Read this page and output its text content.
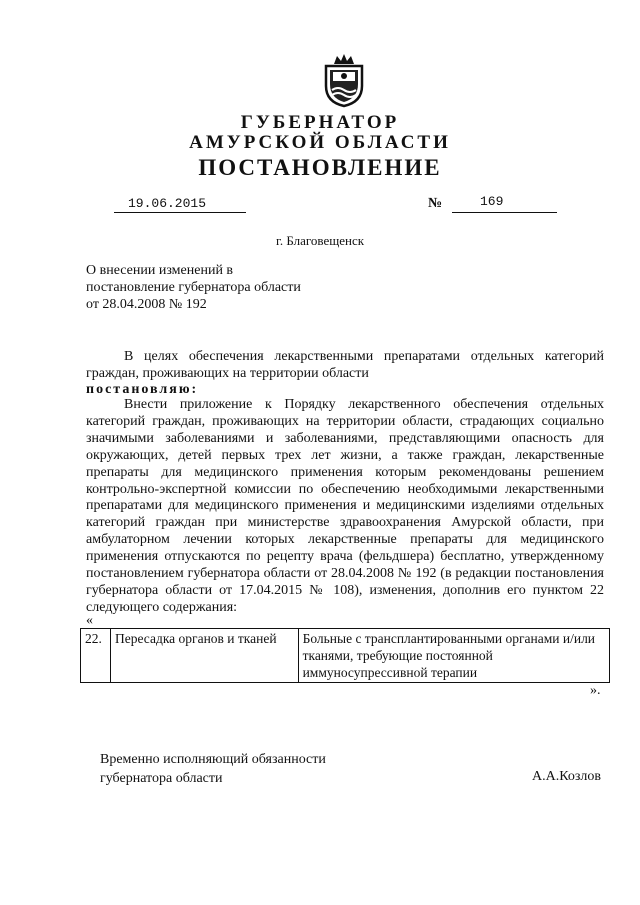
ГУБЕРНАТОР
АМУРСКОЙ ОБЛАСТИ
ПОСТАНОВЛЕНИЕ
19.06.2015	№	169
г. Благовещенск
О внесении изменений в постановление губернатора области от 28.04.2008 № 192
В целях обеспечения лекарственными препаратами отдельных категорий граждан, проживающих на территории области
постановляю:
Внести приложение к Порядку лекарственного обеспечения отдельных категорий граждан, проживающих на территории области, страдающих социально значимыми заболеваниями и заболеваниями, представляющими опасность для окружающих, детей первых трех лет жизни, а также граждан, лекарственные препараты для медицинского применения которым рекомендованы решением контрольно-экспертной комиссии по обеспечению необходимыми лекарственными препаратами для медицинского применения и медицинскими изделиями отдельных категорий граждан при министерстве здравоохранения Амурской области, при амбулаторном лечении которых лекарственные препараты для медицинского применения отпускаются по рецепту врача (фельдшера) бесплатно, утвержденному постановлением губернатора области от 28.04.2008 № 192 (в редакции постановления губернатора области от 17.04.2015 № 108), изменения, дополнив его пунктом 22 следующего содержания:
«
22.	Пересадка органов и тканей	Больные с трансплантированными органами и/или тканями, требующие постоянной иммуносупрессивной терапии
».
Временно исполняющий обязанности
губернатора области	А.А.Козлов
